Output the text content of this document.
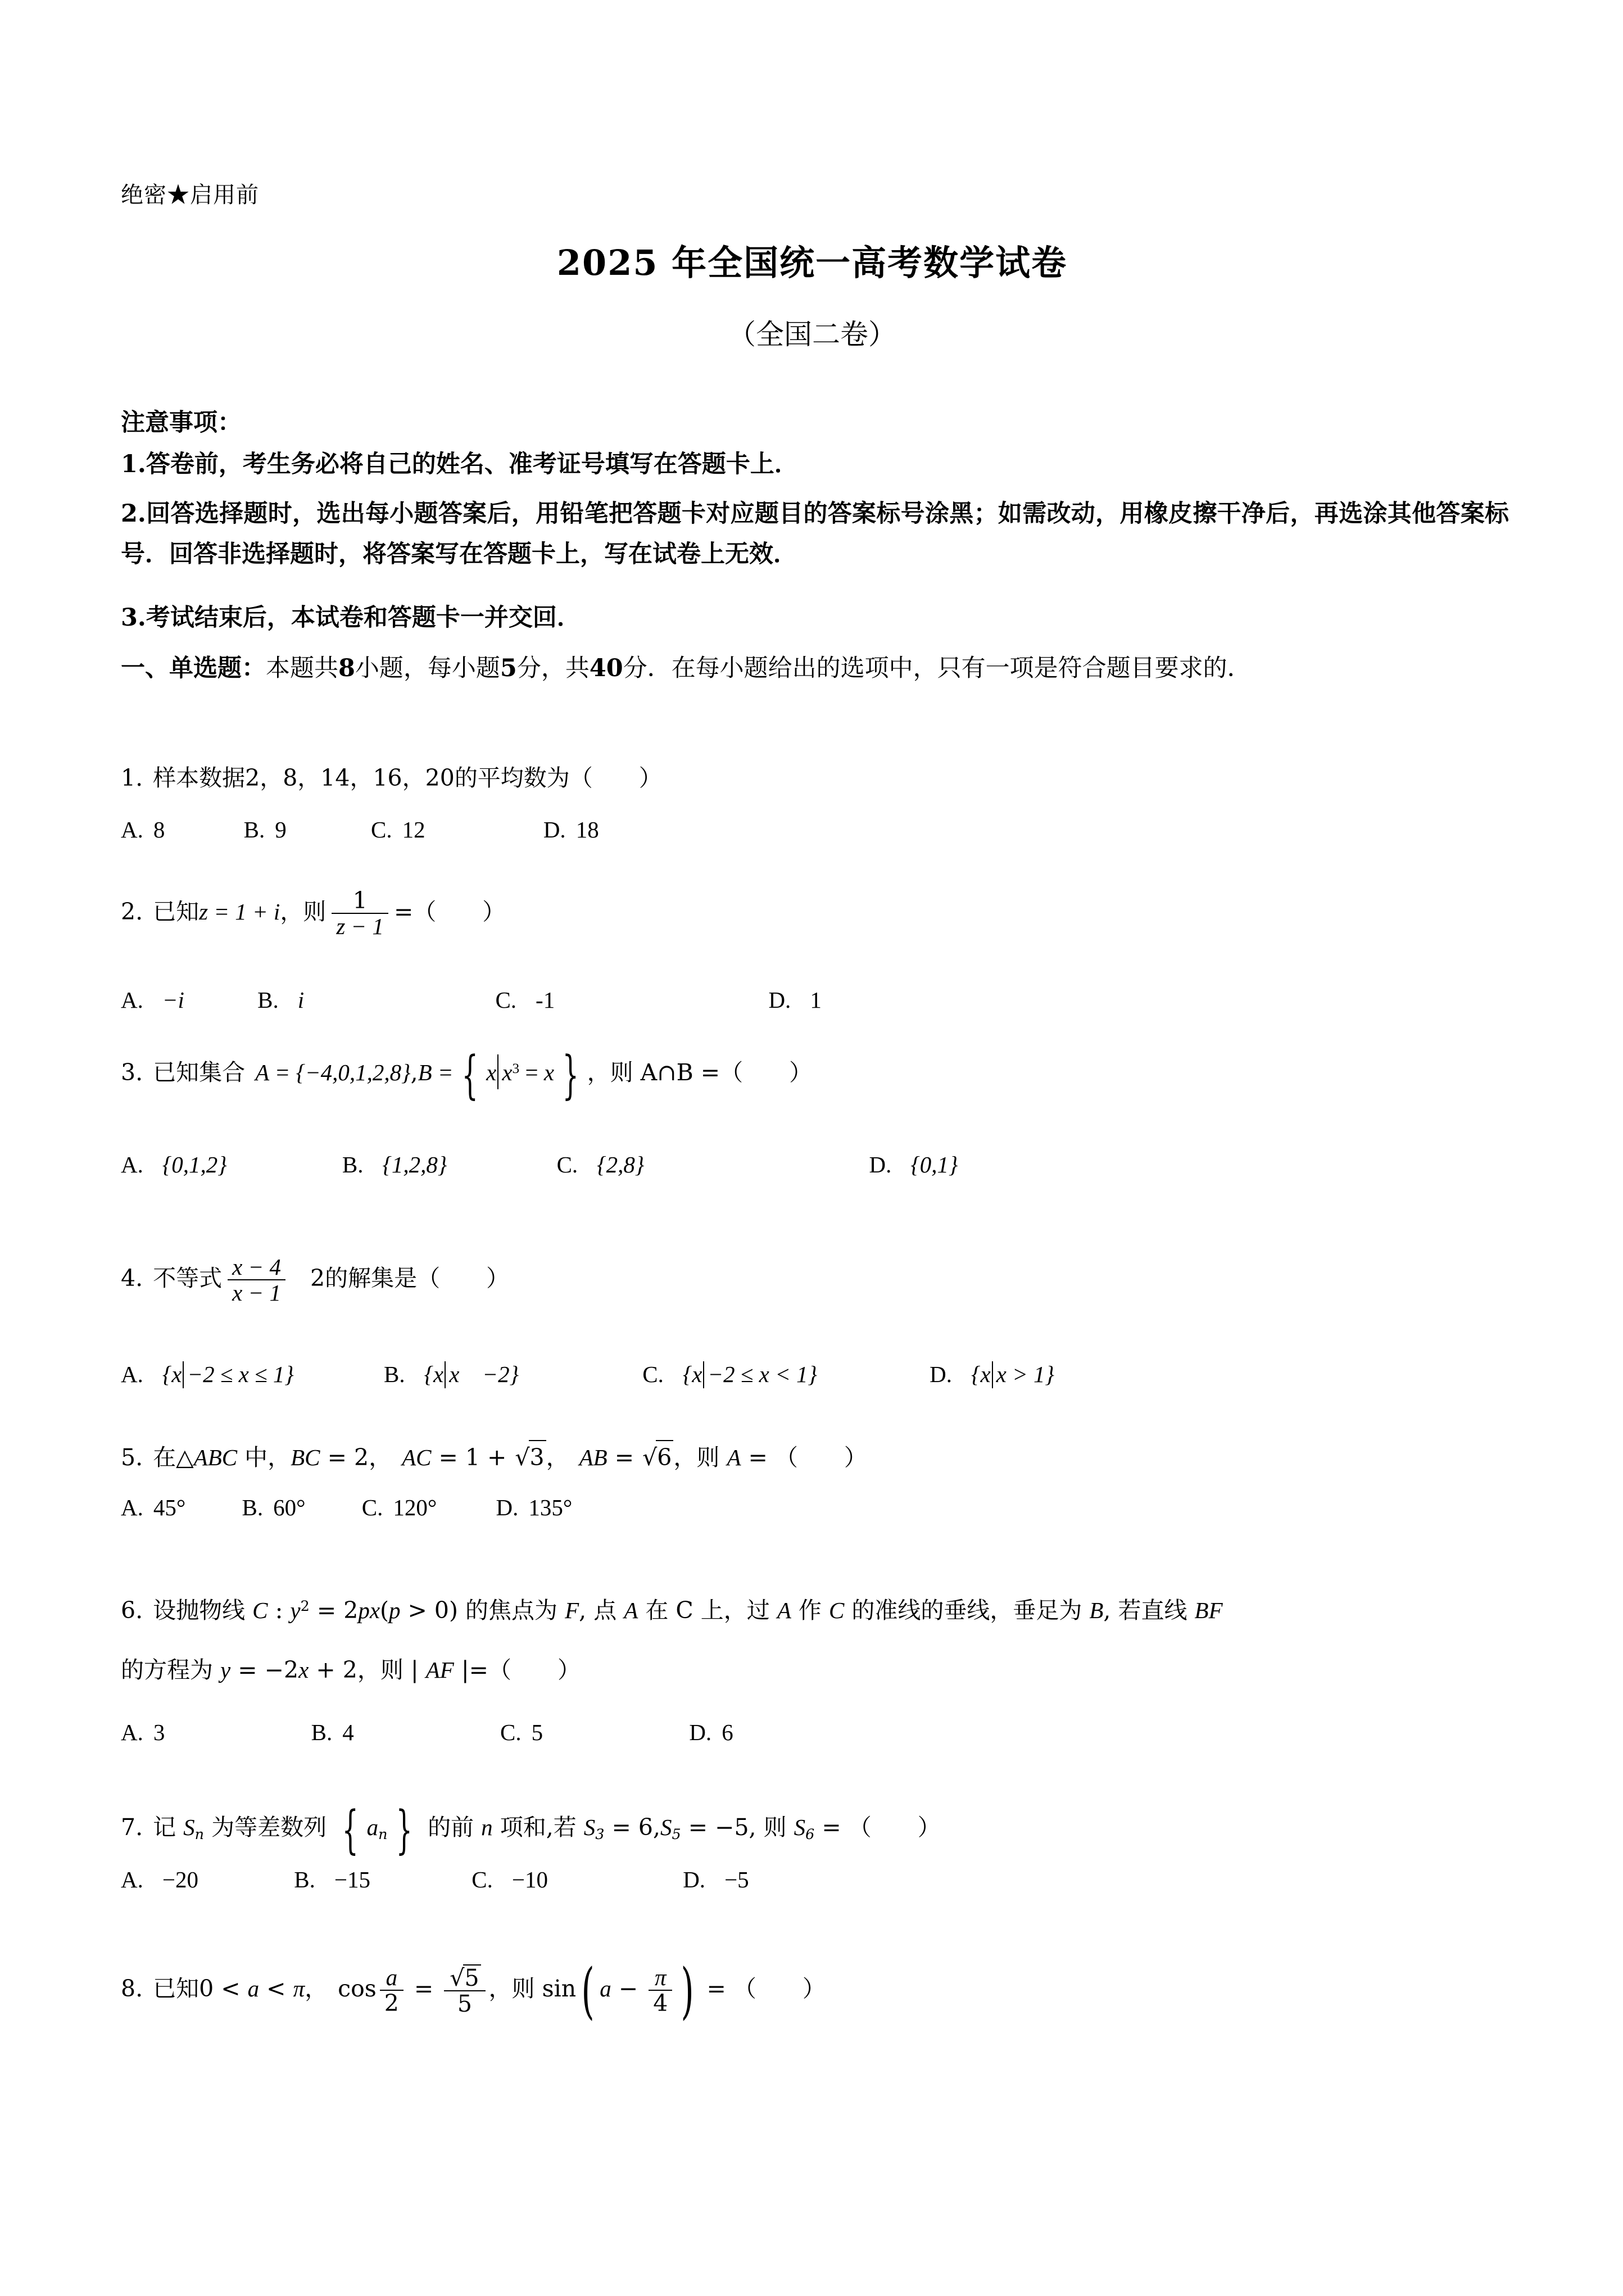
绝密★启用前
2025 年全国统一高考数学试卷
（全国二卷）
注意事项：
1.答卷前，考生务必将自己的姓名、准考证号填写在答题卡上．
2.回答选择题时，选出每小题答案后，用铅笔把答题卡对应题目的答案标号涂黑；如需改动，用橡皮擦干净后，再选涂其他答案标号．回答非选择题时，将答案写在答题卡上，写在试卷上无效．
3.考试结束后，本试卷和答题卡一并交回．
一、单选题：本题共8小题，每小题5分，共40分．在每小题给出的选项中，只有一项是符合题目要求的．
1. 样本数据2，8，14，16，20的平均数为（　　）
A. 8	B. 9	C. 12	D. 18
2. 已知z = 1 + i，则 $\frac{1}{z - 1}$ =（　　）
A. −i	B. i	C. -1	D. 1
3. 已知集合 A = {−4,0,1,2,8},B = { x $x^3 = x$ } ，则 A∩B =（　　）
A. {0,1,2}	B. {1,2,8}	C. {2,8}	D. {0,1}
4. 不等式 $\frac{x - 4}{x - 1} 2$的解集是（　　）
A. {x −2 ≤ x ≤ 1}	B. {x x　−2}	C. {x −2 ≤ x < 1}	D. {x x > 1}
5. 在△ABC 中，BC = 2， AC = 1 + √3， AB = √6，则 A = （　　）
A. 45° B. 60° C. 120°	D. 135°
6. 设抛物线 C : $y^2 = 2px(p > 0)$ 的焦点为 F, 点 A 在 C 上，过 A 作 C 的准线的垂线，垂足为 B, 若直线 BF
的方程为 y = −2x + 2，则 | AF |=（　　）
A. 3	B. 4	C. 5	D. 6
7. 记 $S_n$ 为等差数列 { $a_n$ } 的前 n 项和,若 $S_3 = 6,S_5 = -5$, 则 $S_6$ = （　　）
A. −20	B. −15	C. −10	D. −5
8. 已知0 < a < π， $\cos \frac{a}{2} = \frac{√5}{5}$ ，则 sin( $a - \frac{\pi}{4}$ ) = （　　）
